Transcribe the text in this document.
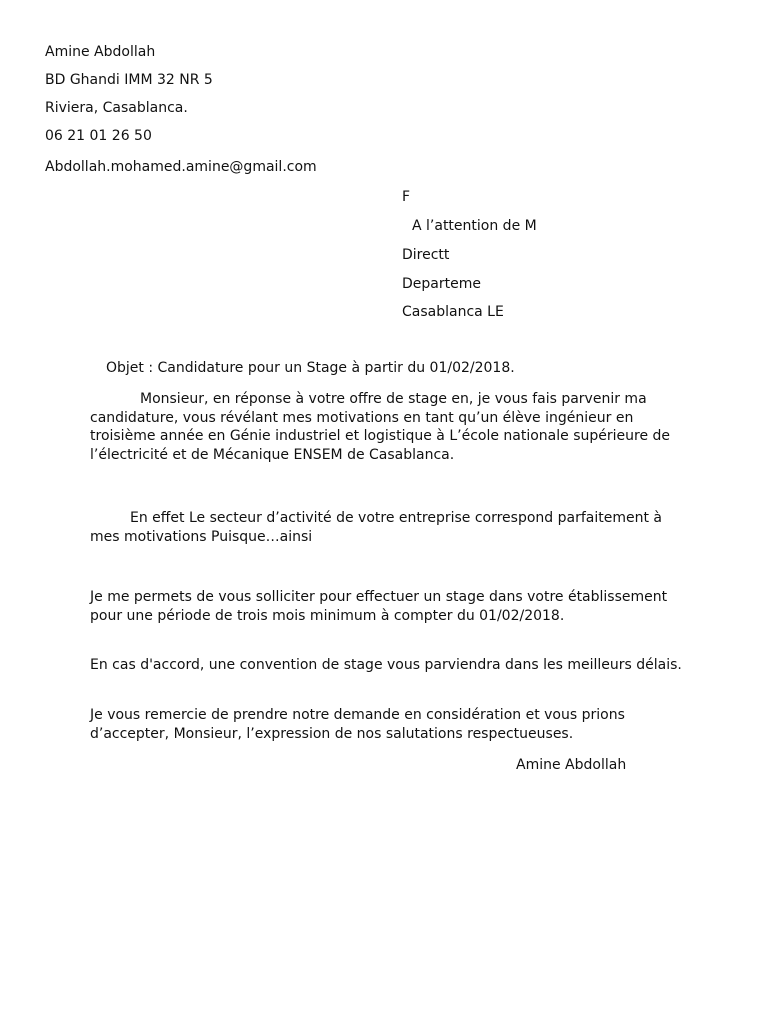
Amine Abdollah
BD Ghandi IMM 32 NR 5
Riviera, Casablanca.
06 21 01 26 50
Abdollah.mohamed.amine@gmail.com
F
A l’attention de M
Directt
Departeme
Casablanca LE
Objet : Candidature pour un Stage à partir du 01/02/2018.

Monsieur, en réponse à votre offre de stage en, je vous fais parvenir ma candidature, vous révélant mes motivations en tant qu’un élève ingénieur en troisième année en Génie industriel et logistique à L’école nationale supérieure de l’électricité et de Mécanique ENSEM de Casablanca.

En effet Le secteur d’activité de votre entreprise correspond parfaitement à mes motivations Puisque…ainsi

Je me permets de vous solliciter pour effectuer un stage dans votre établissement pour une période de trois mois minimum à compter du 01/02/2018.

En cas d'accord, une convention de stage vous parviendra dans les meilleurs délais.

Je vous remercie de prendre notre demande en considération et vous prions d’accepter, Monsieur, l’expression de nos salutations respectueuses.

Amine Abdollah
